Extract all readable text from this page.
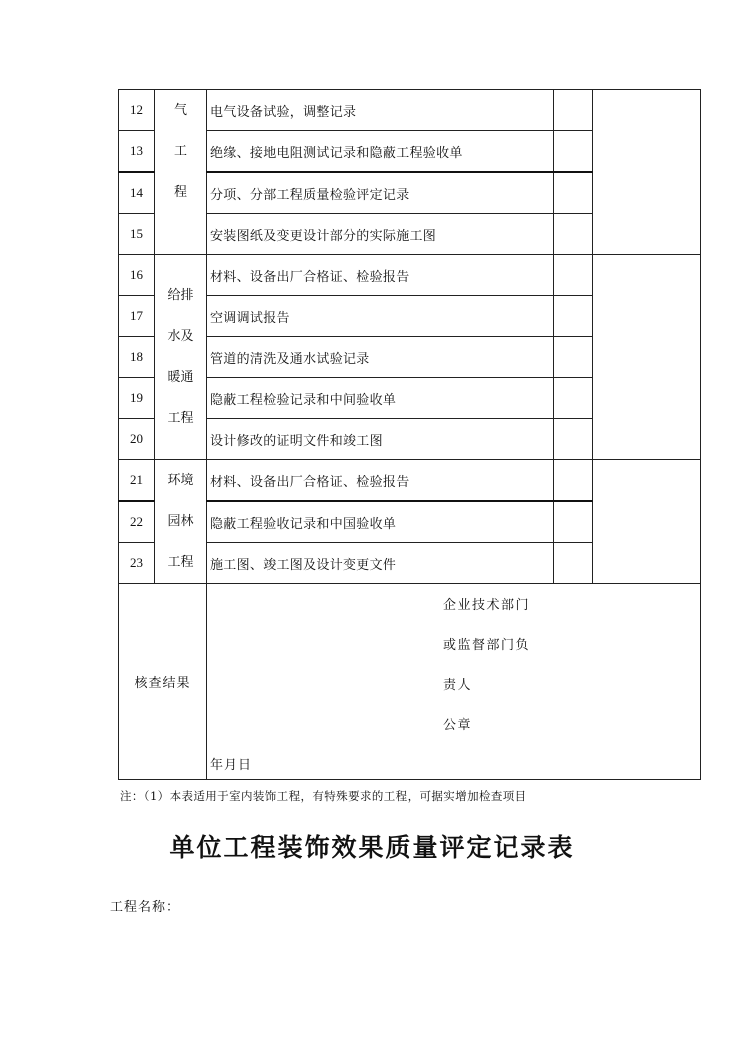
12	气
工
程	电气设备试验，调整记录		
13		绝缘、接地电阻测试记录和隐蔽工程验收单		
14		分项、分部工程质量检验评定记录		
15		安装图纸及变更设计部分的实际施工图		
16	给排
水及
暖通
工程	材料、设备出厂合格证、检验报告		
17		空调调试报告		
18		管道的清洗及通水试验记录		
19		隐蔽工程检验记录和中间验收单		
20		设计修改的证明文件和竣工图		
21	环境
园林
工程	材料、设备出厂合格证、检验报告		
22		隐蔽工程验收记录和中国验收单		
23		施工图、竣工图及设计变更文件		
核查结果		企业技术部门
或监督部门负
责人
公章
年月日		
注：（1）本表适用于室内装饰工程，有特殊要求的工程，可据实增加检查项目
单位工程装饰效果质量评定记录表
工程名称：
